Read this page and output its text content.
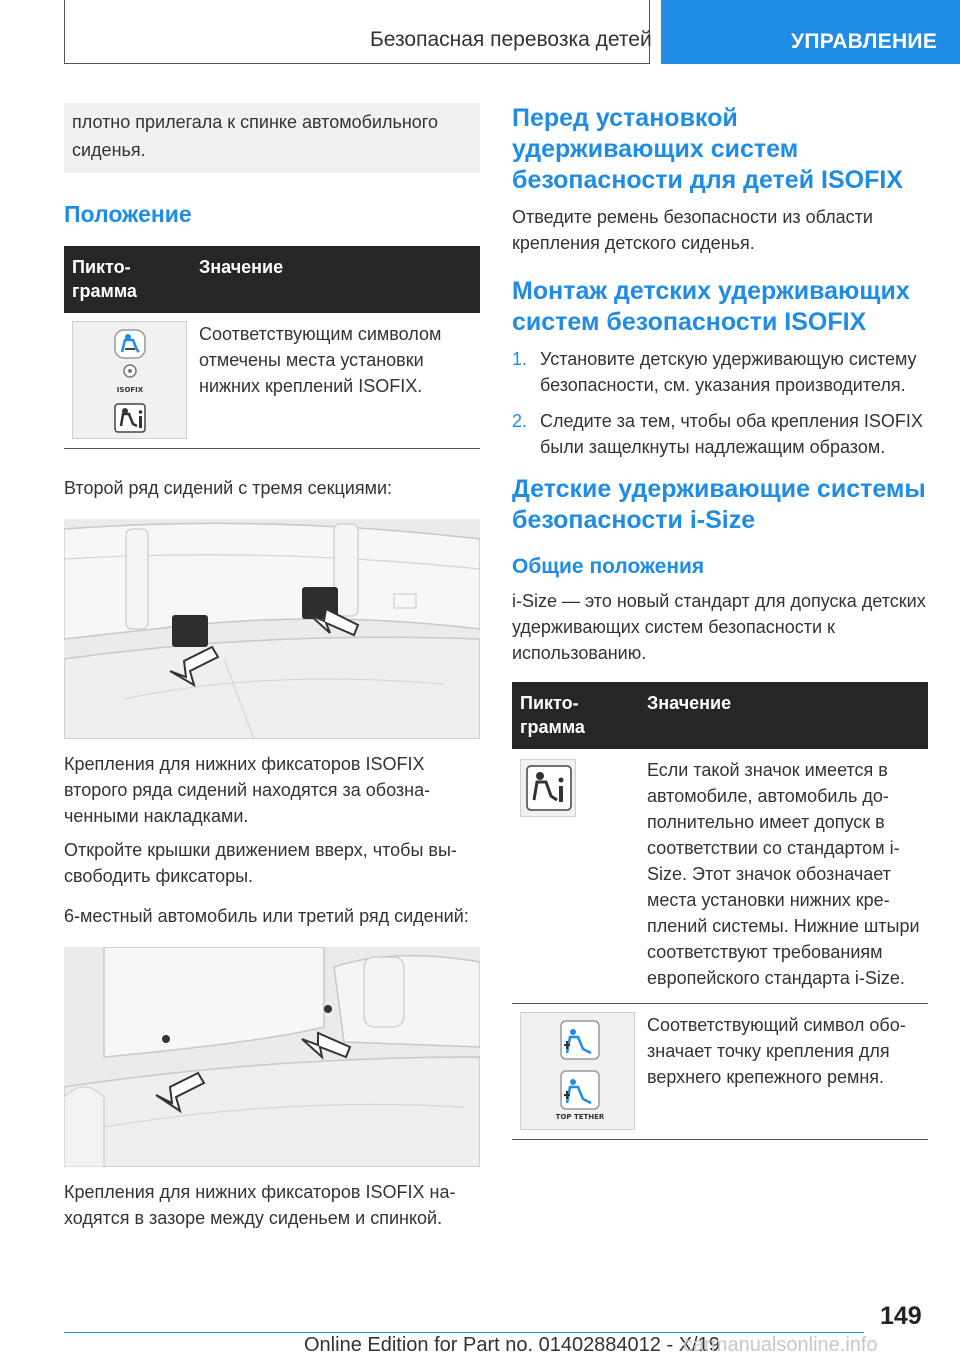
Безопасная перевозка детей	УПРАВЛЕНИЕ
плотно прилегала к спинке автомобильного сиденья.
Положение
Пиктограмма
Значение
ISOFIX
Соответствующим символом отмечены места установки нижних креплений ISOFIX.

Второй ряд сидений с тремя секциями:

Крепления для нижних фиксаторов ISOFIX второго ряда сидений находятся за обозначенными накладками.

Откройте крышки движением вверх, чтобы высвободить фиксаторы.

6-местный автомобиль или третий ряд сидений:

Крепления для нижних фиксаторов ISOFIX находятся в зазоре между сиденьем и спинкой.

Перед установкой удерживающих систем безопасности для детей ISOFIX

Отведите ремень безопасности из области крепления детского сиденья.

Монтаж детских удерживающих систем безопасности ISOFIX
1. Установите детскую удерживающую систему безопасности, см. указания производителя.
2. Следите за тем, чтобы оба крепления ISOFIX были защелкнуты надлежащим образом.
Детские удерживающие системы безопасности i-Size
Общие положения

i-Size — это новый стандарт для допуска детских удерживающих систем безопасности к использованию.

Пиктограмма
Значение
Если такой значок имеется в автомобиле, автомобиль дополнительно имеет допуск в соответствии со стандартом i-Size. Этот значок обозначает места установки нижних креплений системы. Нижние штыри соответствуют требованиям европейского стандарта i-Size.
TOP TETHER
Соответствующий символ обозначает точку крепления для верхнего крепежного ремня.
149
Online Edition for Part no. 01402884012 - X/19
carmanualsonline.info
